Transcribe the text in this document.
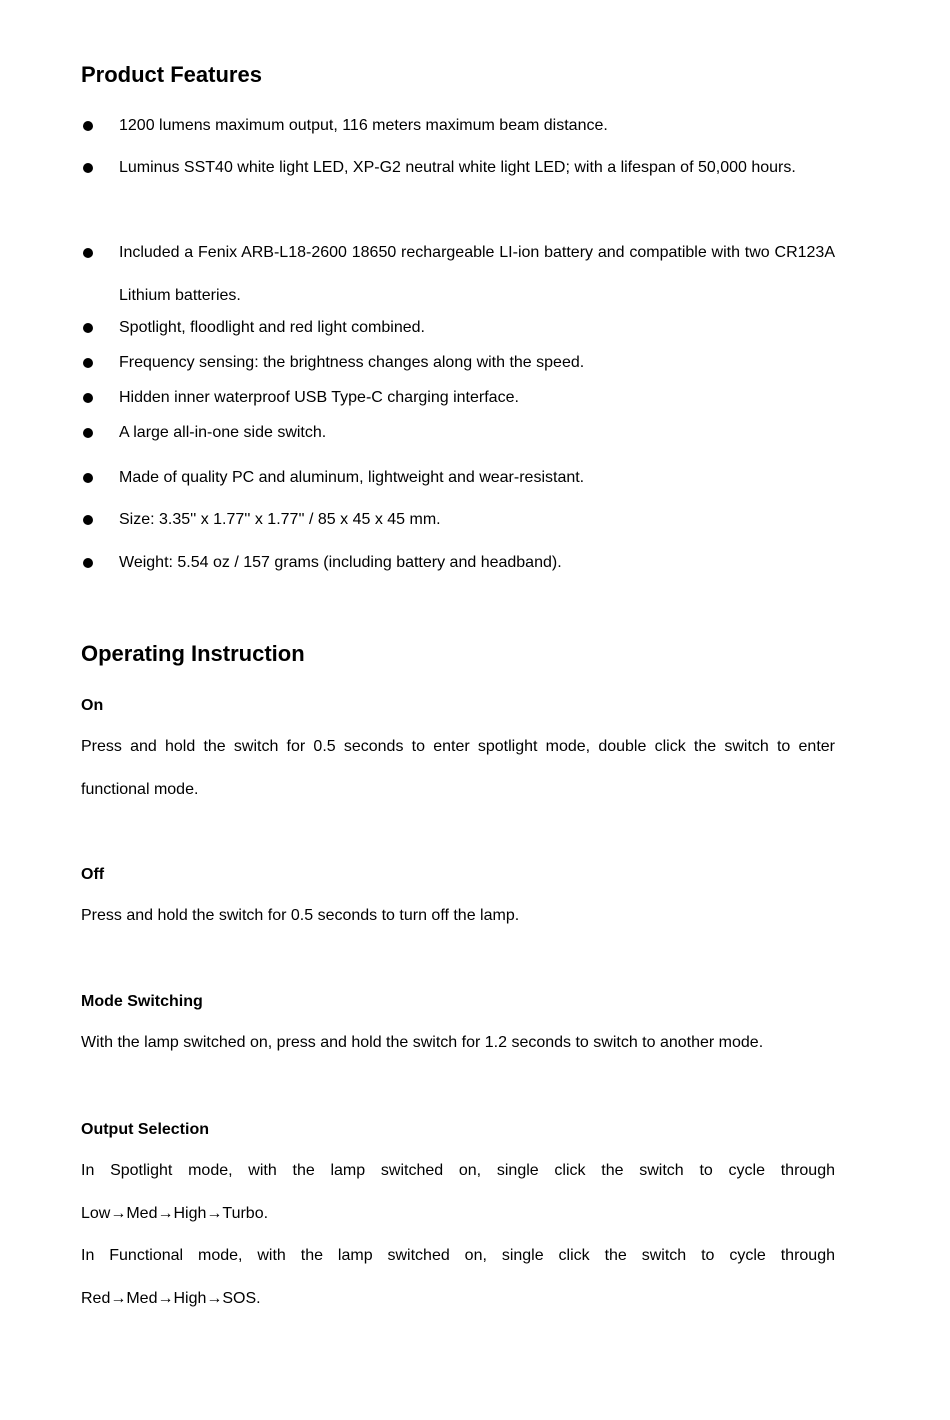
Product Features
1200 lumens maximum output, 116 meters maximum beam distance.
Luminus SST40 white light LED, XP-G2 neutral white light LED; with a lifespan of 50,000 hours.
Included a Fenix ARB-L18-2600 18650 rechargeable LI-ion battery and compatible with two CR123A Lithium batteries.
Spotlight, floodlight and red light combined.
Frequency sensing: the brightness changes along with the speed.
Hidden inner waterproof USB Type-C charging interface.
A large all-in-one side switch.
Made of quality PC and aluminum, lightweight and wear-resistant.
Size: 3.35'' x 1.77'' x 1.77'' / 85 x 45 x 45 mm.
Weight: 5.54 oz / 157 grams (including battery and headband).
Operating Instruction
On

Press and hold the switch for 0.5 seconds to enter spotlight mode, double click the switch to enter functional mode.

Off

Press and hold the switch for 0.5 seconds to turn off the lamp.

Mode Switching

With the lamp switched on, press and hold the switch for 1.2 seconds to switch to another mode.

Output Selection

In Spotlight mode, with the lamp switched on, single click the switch to cycle through Low→Med→High→Turbo.

In Functional mode, with the lamp switched on, single click the switch to cycle through Red→Med→High→SOS.
